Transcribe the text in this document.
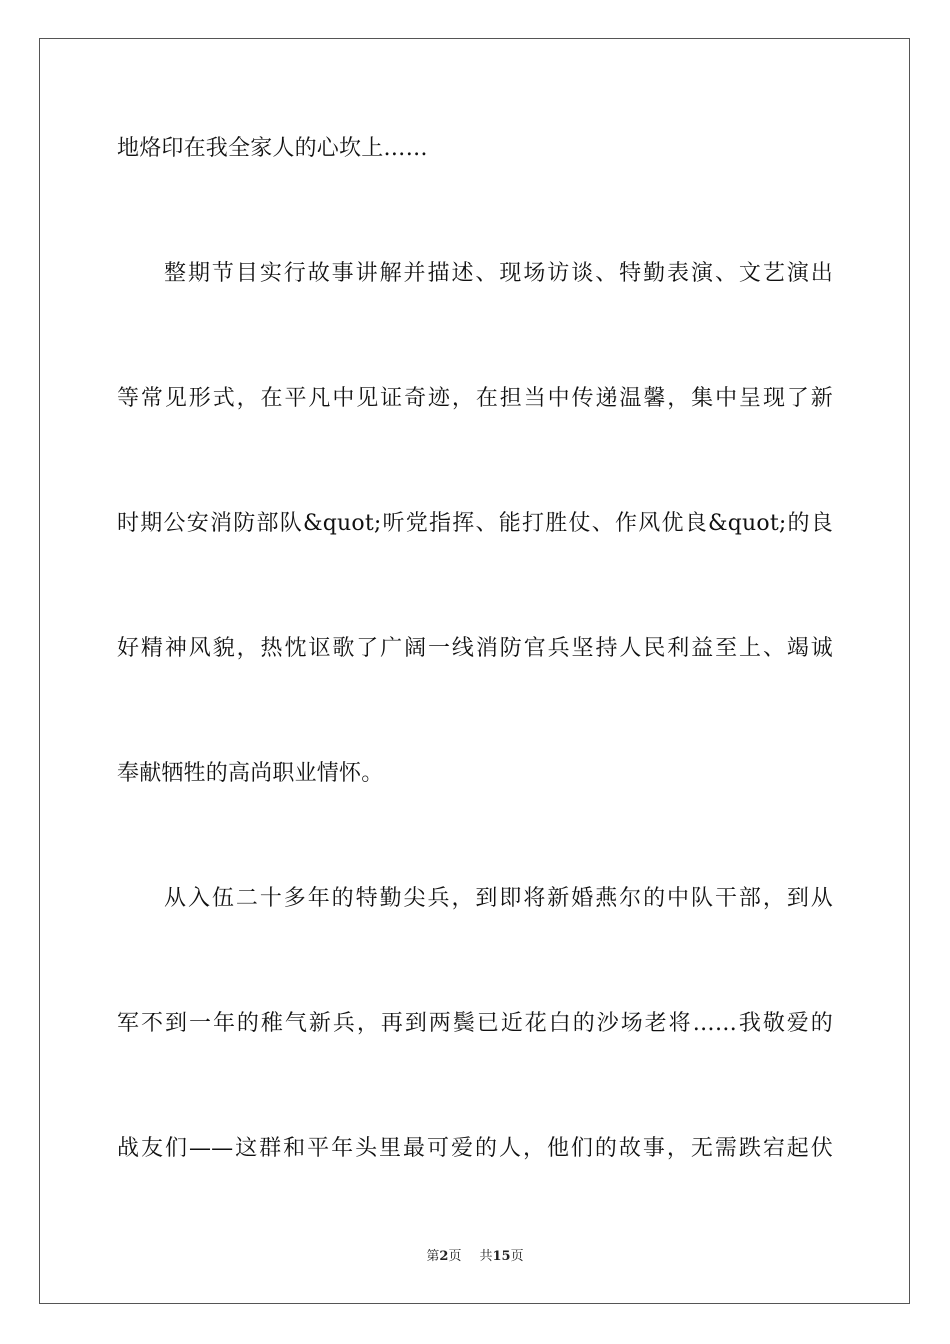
地烙印在我全家人的心坎上……
整期节目实行故事讲解并描述、现场访谈、特勤表演、文艺演出
等常见形式，在平凡中见证奇迹，在担当中传递温馨，集中呈现了新
时期公安消防部队&quot;听党指挥、能打胜仗、作风优良&quot;的良
好精神风貌，热忱讴歌了广阔一线消防官兵坚持人民利益至上、竭诚
奉献牺牲的高尚职业情怀。
从入伍二十多年的特勤尖兵，到即将新婚燕尔的中队干部，到从
军不到一年的稚气新兵，再到两鬓已近花白的沙场老将……我敬爱的
战友们——这群和平年头里最可爱的人，他们的故事，无需跌宕起伏
第2页 共15页
